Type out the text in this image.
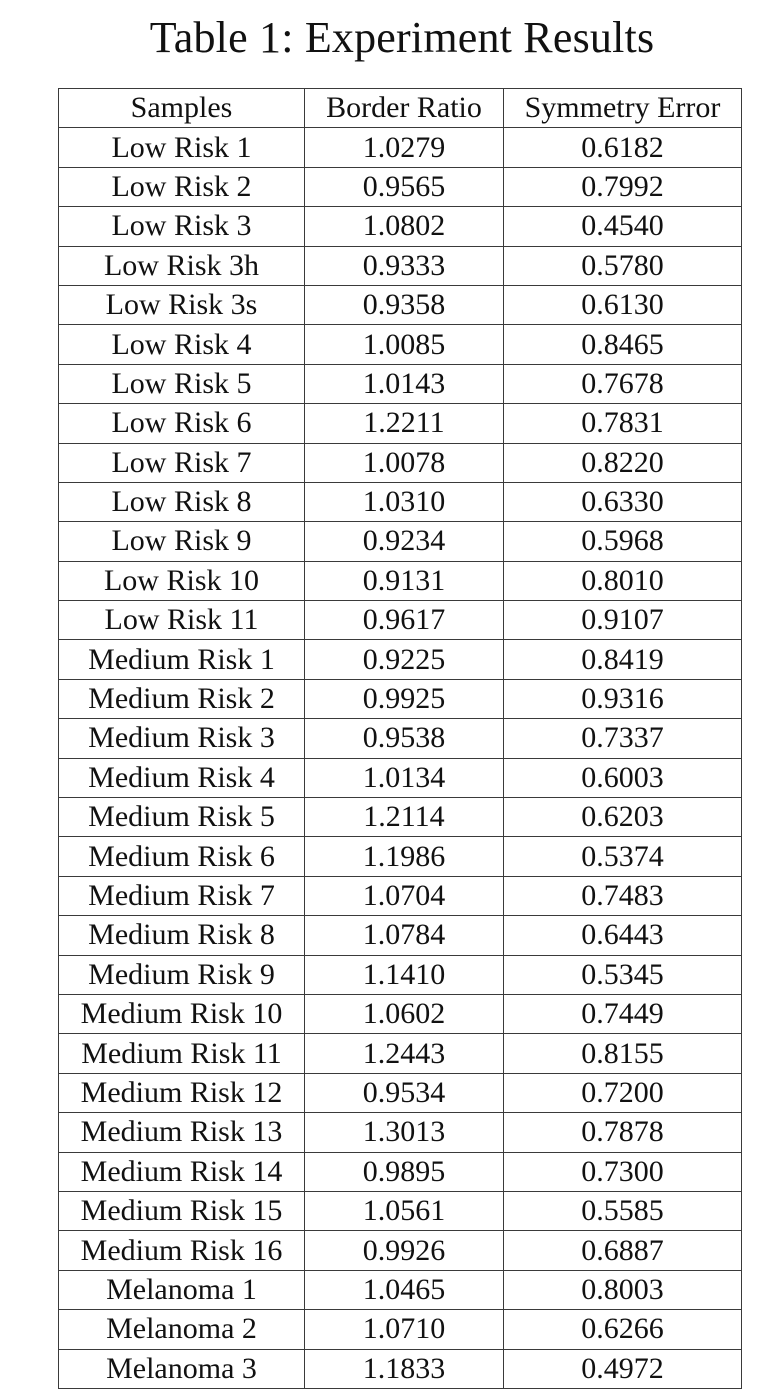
Table 1: Experiment Results
Samples	Border Ratio	Symmetry Error
Low Risk 1	1.0279	0.6182
Low Risk 2	0.9565	0.7992
Low Risk 3	1.0802	0.4540
Low Risk 3h	0.9333	0.5780
Low Risk 3s	0.9358	0.6130
Low Risk 4	1.0085	0.8465
Low Risk 5	1.0143	0.7678
Low Risk 6	1.2211	0.7831
Low Risk 7	1.0078	0.8220
Low Risk 8	1.0310	0.6330
Low Risk 9	0.9234	0.5968
Low Risk 10	0.9131	0.8010
Low Risk 11	0.9617	0.9107
Medium Risk 1	0.9225	0.8419
Medium Risk 2	0.9925	0.9316
Medium Risk 3	0.9538	0.7337
Medium Risk 4	1.0134	0.6003
Medium Risk 5	1.2114	0.6203
Medium Risk 6	1.1986	0.5374
Medium Risk 7	1.0704	0.7483
Medium Risk 8	1.0784	0.6443
Medium Risk 9	1.1410	0.5345
Medium Risk 10	1.0602	0.7449
Medium Risk 11	1.2443	0.8155
Medium Risk 12	0.9534	0.7200
Medium Risk 13	1.3013	0.7878
Medium Risk 14	0.9895	0.7300
Medium Risk 15	1.0561	0.5585
Medium Risk 16	0.9926	0.6887
Melanoma 1	1.0465	0.8003
Melanoma 2	1.0710	0.6266
Melanoma 3	1.1833	0.4972
